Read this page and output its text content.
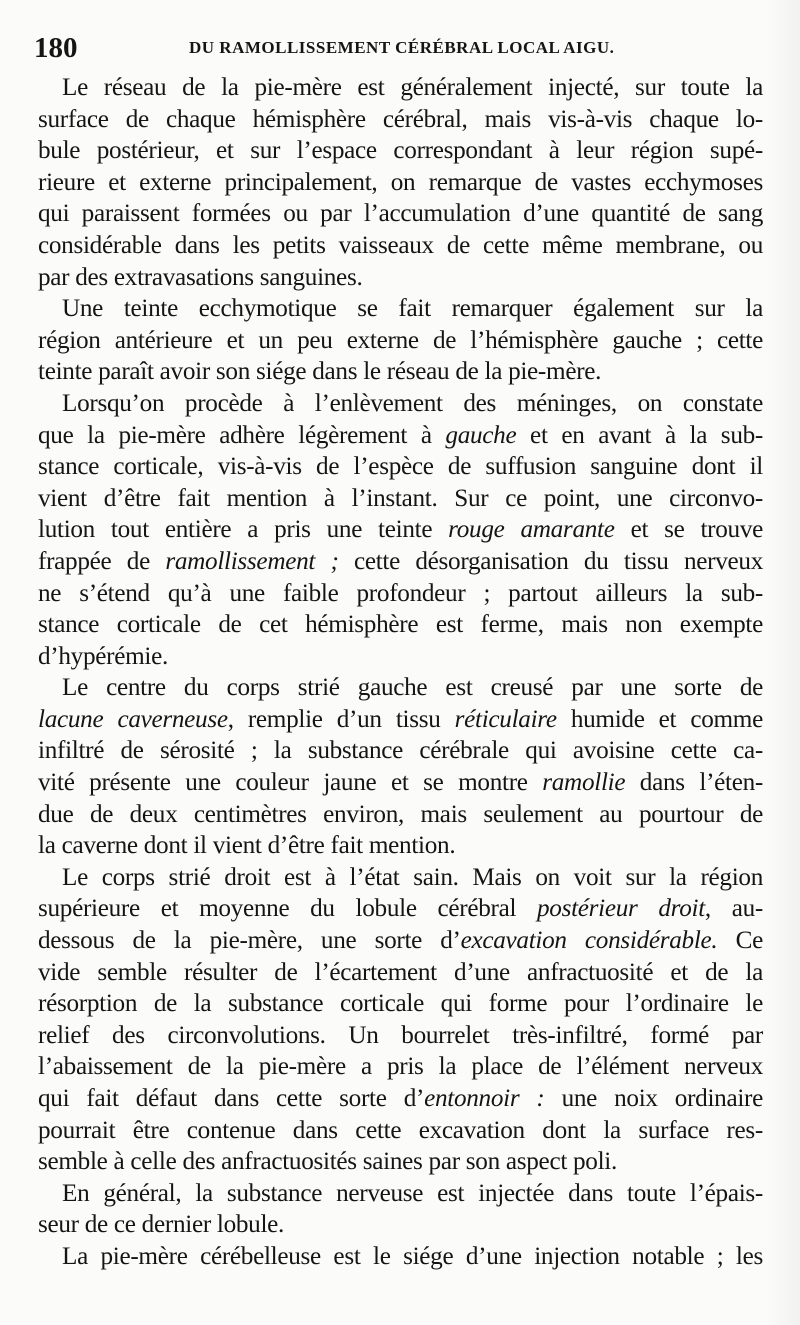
180	DU RAMOLLISSEMENT CÉRÉBRAL LOCAL AIGU.
Le réseau de la pie-mère est généralement injecté, sur toute la
surface de chaque hémisphère cérébral, mais vis-à-vis chaque lo-
bule postérieur, et sur l’espace correspondant à leur région supé-
rieure et externe principalement, on remarque de vastes ecchymoses
qui paraissent formées ou par l’accumulation d’une quantité de sang
considérable dans les petits vaisseaux de cette même membrane, ou
par des extravasations sanguines.
Une teinte ecchymotique se fait remarquer également sur la
région antérieure et un peu externe de l’hémisphère gauche ; cette
teinte paraît avoir son siége dans le réseau de la pie-mère.
Lorsqu’on procède à l’enlèvement des méninges, on constate
que la pie-mère adhère légèrement à gauche et en avant à la sub-
stance corticale, vis-à-vis de l’espèce de suffusion sanguine dont il
vient d’être fait mention à l’instant. Sur ce point, une circonvo-
lution tout entière a pris une teinte rouge amarante et se trouve
frappée de ramollissement ; cette désorganisation du tissu nerveux
ne s’étend qu’à une faible profondeur ; partout ailleurs la sub-
stance corticale de cet hémisphère est ferme, mais non exempte
d’hypérémie.
Le centre du corps strié gauche est creusé par une sorte de
lacune caverneuse, remplie d’un tissu réticulaire humide et comme
infiltré de sérosité ; la substance cérébrale qui avoisine cette ca-
vité présente une couleur jaune et se montre ramollie dans l’éten-
due de deux centimètres environ, mais seulement au pourtour de
la caverne dont il vient d’être fait mention.
Le corps strié droit est à l’état sain. Mais on voit sur la région
supérieure et moyenne du lobule cérébral postérieur droit, au-
dessous de la pie-mère, une sorte d’excavation considérable. Ce
vide semble résulter de l’écartement d’une anfractuosité et de la
résorption de la substance corticale qui forme pour l’ordinaire le
relief des circonvolutions. Un bourrelet très-infiltré, formé par
l’abaissement de la pie-mère a pris la place de l’élément nerveux
qui fait défaut dans cette sorte d’entonnoir : une noix ordinaire
pourrait être contenue dans cette excavation dont la surface res-
semble à celle des anfractuosités saines par son aspect poli.
En général, la substance nerveuse est injectée dans toute l’épais-
seur de ce dernier lobule.
La pie-mère cérébelleuse est le siége d’une injection notable ; les
